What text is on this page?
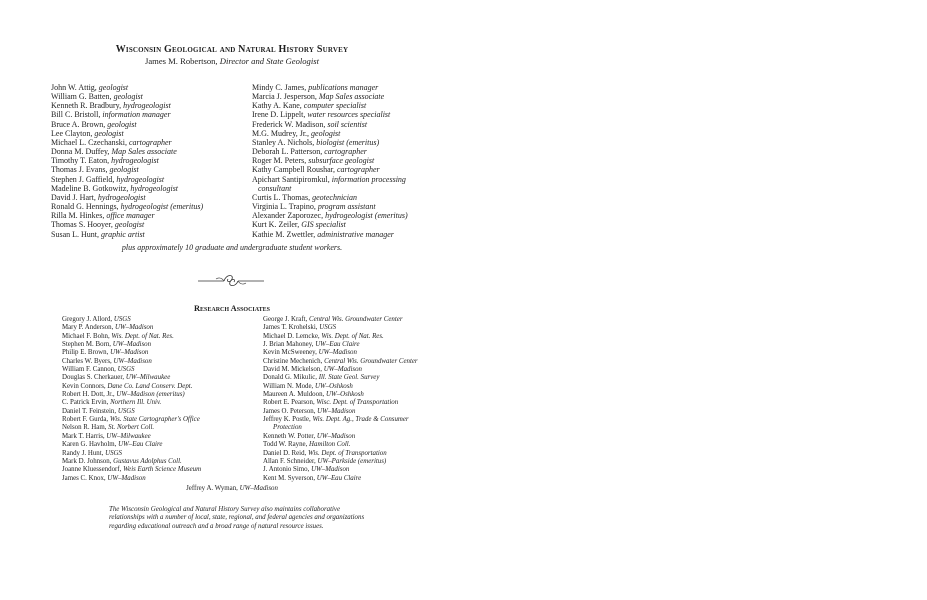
Wisconsin Geological and Natural History Survey
James M. Robertson, Director and State Geologist
John W. Attig, geologist
William G. Batten, geologist
Kenneth R. Bradbury, hydrogeologist
Bill C. Bristoll, information manager
Bruce A. Brown, geologist
Lee Clayton, geologist
Michael L. Czechanski, cartographer
Donna M. Duffey, Map Sales associate
Timothy T. Eaton, hydrogeologist
Thomas J. Evans, geologist
Stephen J. Gaffield, hydrogeologist
Madeline B. Gotkowitz, hydrogeologist
David J. Hart, hydrogeologist
Ronald G. Hennings, hydrogeologist (emeritus)
Rilla M. Hinkes, office manager
Thomas S. Hooyer, geologist
Susan L. Hunt, graphic artist
Mindy C. James, publications manager
Marcia J. Jesperson, Map Sales associate
Kathy A. Kane, computer specialist
Irene D. Lippelt, water resources specialist
Frederick W. Madison, soil scientist
M.G. Mudrey, Jr., geologist
Stanley A. Nichols, biologist (emeritus)
Deborah L. Patterson, cartographer
Roger M. Peters, subsurface geologist
Kathy Campbell Roushar, cartographer
Apichart Santipiromkul, information processing
consultant
Curtis L. Thomas, geotechnician
Virginia L. Trapino, program assistant
Alexander Zaporozec, hydrogeologist (emeritus)
Kurt K. Zeiler, GIS specialist
Kathie M. Zwettler, administrative manager
plus approximately 10 graduate and undergraduate student workers.
Research Associates
Gregory J. Allord, USGS
Mary P. Anderson, UW–Madison
Michael F. Bohn, Wis. Dept. of Nat. Res.
Stephen M. Born, UW–Madison
Philip E. Brown, UW–Madison
Charles W. Byers, UW–Madison
William F. Cannon, USGS
Douglas S. Cherkauer, UW–Milwaukee
Kevin Connors, Dane Co. Land Conserv. Dept.
Robert H. Dott, Jr., UW–Madison (emeritus)
C. Patrick Ervin, Northern Ill. Univ.
Daniel T. Feinstein, USGS
Robert F. Gurda, Wis. State Cartographer's Office
Nelson R. Ham, St. Norbert Coll.
Mark T. Harris, UW–Milwaukee
Karen G. Havholm, UW–Eau Claire
Randy J. Hunt, USGS
Mark D. Johnson, Gustavus Adolphus Coll.
Joanne Kluessendorf, Weis Earth Science Museum
James C. Knox, UW–Madison
George J. Kraft, Central Wis. Groundwater Center
James T. Krohelski, USGS
Michael D. Lemcke, Wis. Dept. of Nat. Res.
J. Brian Mahoney, UW–Eau Claire
Kevin McSweeney, UW–Madison
Christine Mechenich, Central Wis. Groundwater Center
David M. Mickelson, UW–Madison
Donald G. Mikulic, Ill. State Geol. Survey
William N. Mode, UW–Oshkosh
Maureen A. Muldoon, UW–Oshkosh
Robert E. Pearson, Wisc. Dept. of Transportation
James O. Peterson, UW–Madison
Jeffrey K. Postle, Wis. Dept. Ag., Trade & Consumer
Protection
Kenneth W. Potter, UW–Madison
Todd W. Rayne, Hamilton Coll.
Daniel D. Reid, Wis. Dept. of Transportation
Allan F. Schneider, UW–Parkside (emeritus)
J. Antonio Simo, UW–Madison
Kent M. Syverson, UW–Eau Claire
Jeffrey A. Wyman, UW–Madison
The Wisconsin Geological and Natural History Survey also maintains collaborative
relationships with a number of local, state, regional, and federal agencies and organizations
regarding educational outreach and a broad range of natural resource issues.
